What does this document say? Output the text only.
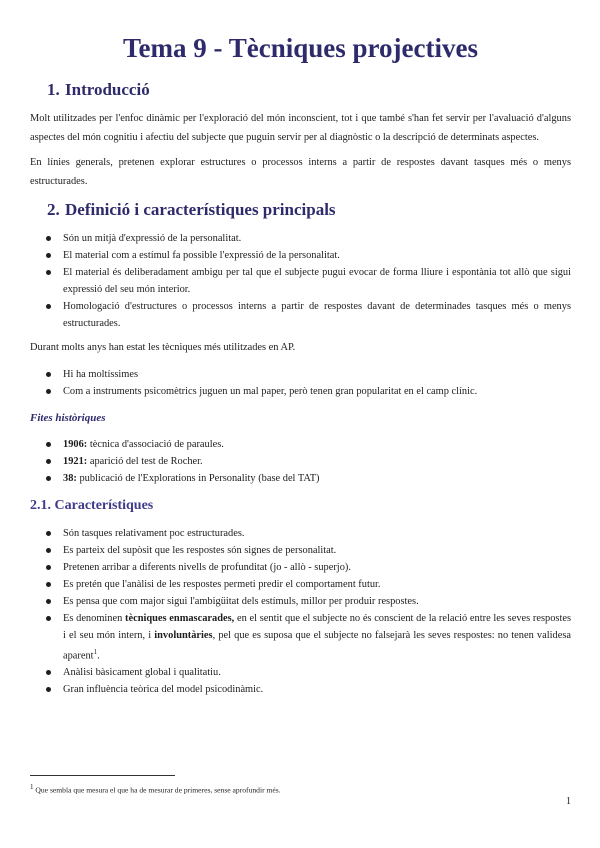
Tema 9 - Tècniques projectives
1. Introducció

Molt utilitzades per l'enfoc dinàmic per l'exploració del món inconscient, tot i que també s'han fet servir per l'avaluació d'alguns aspectes del món cognitiu i afectiu del subjecte que puguin servir per al diagnòstic o la descripció de determinats aspectes.

En línies generals, pretenen explorar estructures o processos interns a partir de respostes davant tasques més o menys estructurades.

2. Definició i característiques principals
Són un mitjà d'expressió de la personalitat.
El material com a estímul fa possible l'expressió de la personalitat.
El material és deliberadament ambigu per tal que el subjecte pugui evocar de forma lliure i espontània tot allò que sigui expressió del seu món interior.
Homologació d'estructures o processos interns a partir de respostes davant de determinades tasques més o menys estructurades.

Durant molts anys han estat les tècniques més utilitzades en AP.

Hi ha moltíssimes
Com a instruments psicomètrics juguen un mal paper, però tenen gran popularitat en el camp clínic.
Fites històriques
1906: tècnica d'associació de paraules.
1921: aparició del test de Rocher.
38: publicació de l'Explorations in Personality (base del TAT)
2.1. Característiques
Són tasques relativament poc estructurades.
Es parteix del supòsit que les respostes són signes de personalitat.
Pretenen arribar a diferents nivells de profunditat (jo - allò - superjo).
Es pretén que l'anàlisi de les respostes permeti predir el comportament futur.
Es pensa que com major sigui l'ambigüitat dels estímuls, millor per produir respostes.
Es denominen tècniques enmascarades, en el sentit que el subjecte no és conscient de la relació entre les seves respostes i el seu món intern, i involuntàries, pel que es suposa que el subjecte no falsejarà les seves respostes: no tenen validesa aparent$^1$.
Anàlisi bàsicament global i qualitatiu.
Gran influència teòrica del model psicodinàmic.
$^1$ Que sembla que mesura el que ha de mesurar de primeres, sense aprofundir més.
1
